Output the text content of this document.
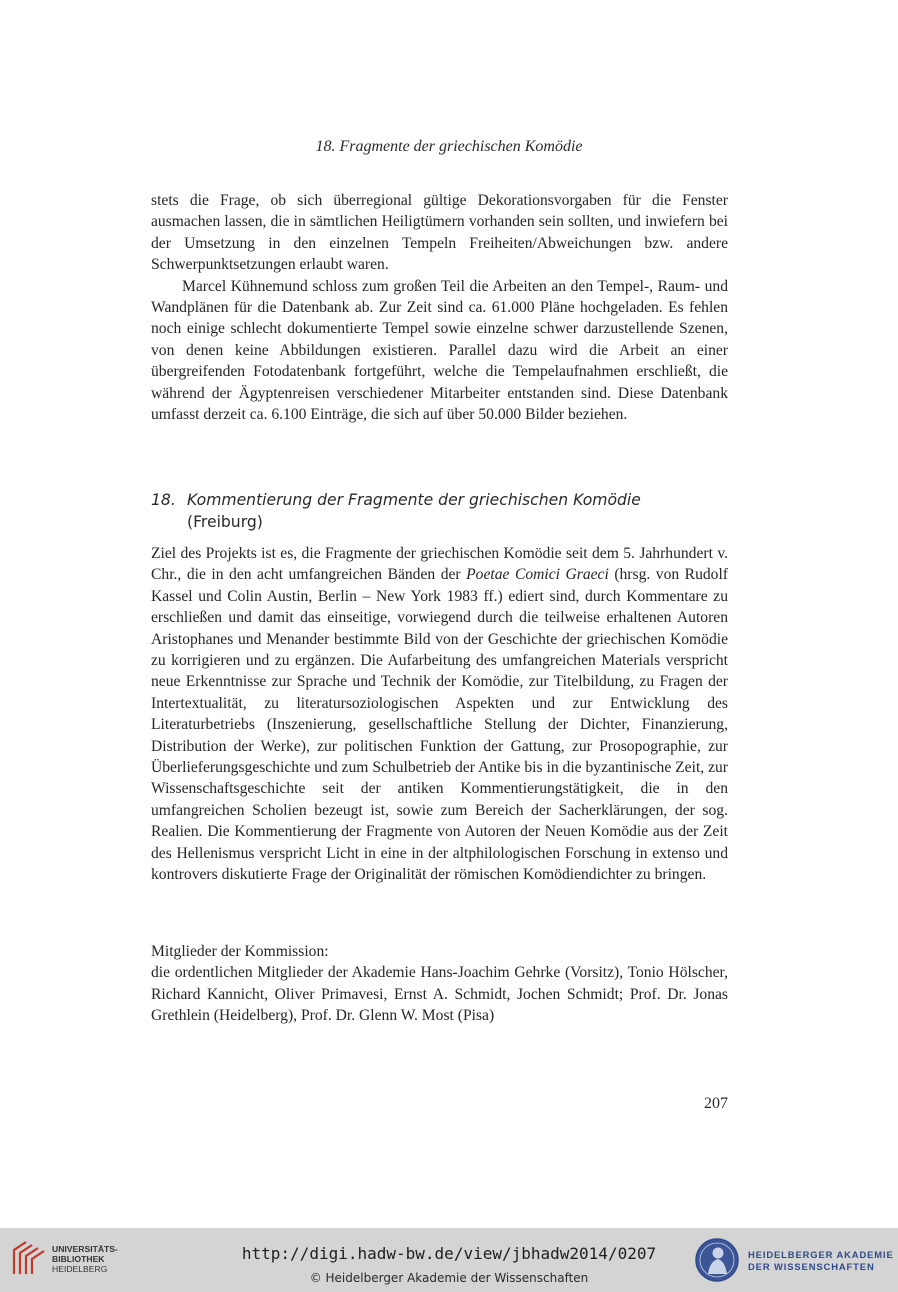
18. Fragmente der griechischen Komödie

stets die Frage, ob sich überregional gültige Dekorationsvorgaben für die Fenster ausmachen lassen, die in sämtlichen Heiligtümern vorhanden sein sollten, und inwiefern bei der Umsetzung in den einzelnen Tempeln Freiheiten/Abweichungen bzw. andere Schwerpunktsetzungen erlaubt waren.

Marcel Kühnemund schloss zum großen Teil die Arbeiten an den Tempel-, Raum- und Wandplänen für die Datenbank ab. Zur Zeit sind ca. 61.000 Pläne hochgeladen. Es fehlen noch einige schlecht dokumentierte Tempel sowie einzelne schwer darzustellende Szenen, von denen keine Abbildungen existieren. Parallel dazu wird die Arbeit an einer übergreifenden Fotodatenbank fortgeführt, welche die Tempelaufnahmen erschließt, die während der Ägyptenreisen verschiedener Mitarbeiter entstanden sind. Diese Datenbank umfasst derzeit ca. 6.100 Einträge, die sich auf über 50.000 Bilder beziehen.

18. Kommentierung der Fragmente der griechischen Komödie
(Freiburg)

Ziel des Projekts ist es, die Fragmente der griechischen Komödie seit dem 5. Jahrhundert v. Chr., die in den acht umfangreichen Bänden der Poetae Comici Graeci (hrsg. von Rudolf Kassel und Colin Austin, Berlin – New York 1983 ff.) ediert sind, durch Kommentare zu erschließen und damit das einseitige, vorwiegend durch die teilweise erhaltenen Autoren Aristophanes und Menander bestimmte Bild von der Geschichte der griechischen Komödie zu korrigieren und zu ergänzen. Die Aufarbeitung des umfangreichen Materials verspricht neue Erkenntnisse zur Sprache und Technik der Komödie, zur Titelbildung, zu Fragen der Intertextualität, zu literatursoziologischen Aspekten und zur Entwicklung des Literaturbetriebs (Inszenierung, gesellschaftliche Stellung der Dichter, Finanzierung, Distribution der Werke), zur politischen Funktion der Gattung, zur Prosopographie, zur Überlieferungsgeschichte und zum Schulbetrieb der Antike bis in die byzantinische Zeit, zur Wissenschaftsgeschichte seit der antiken Kommentierungstätigkeit, die in den umfangreichen Scholien bezeugt ist, sowie zum Bereich der Sacherklärungen, der sog. Realien. Die Kommentierung der Fragmente von Autoren der Neuen Komödie aus der Zeit des Hellenismus verspricht Licht in eine in der altphilologischen Forschung in extenso und kontrovers diskutierte Frage der Originalität der römischen Komödiendichter zu bringen.

Mitglieder der Kommission:

die ordentlichen Mitglieder der Akademie Hans-Joachim Gehrke (Vorsitz), Tonio Hölscher, Richard Kannicht, Oliver Primavesi, Ernst A. Schmidt, Jochen Schmidt; Prof. Dr. Jonas Grethlein (Heidelberg), Prof. Dr. Glenn W. Most (Pisa)

207
UNIVERSITÄTS-
BIBLIOTHEK
HEIDELBERG
http://digi.hadw-bw.de/view/jbhadw2014/0207
© Heidelberger Akademie der Wissenschaften
HEIDELBERGER AKADEMIE
DER WISSENSCHAFTEN
